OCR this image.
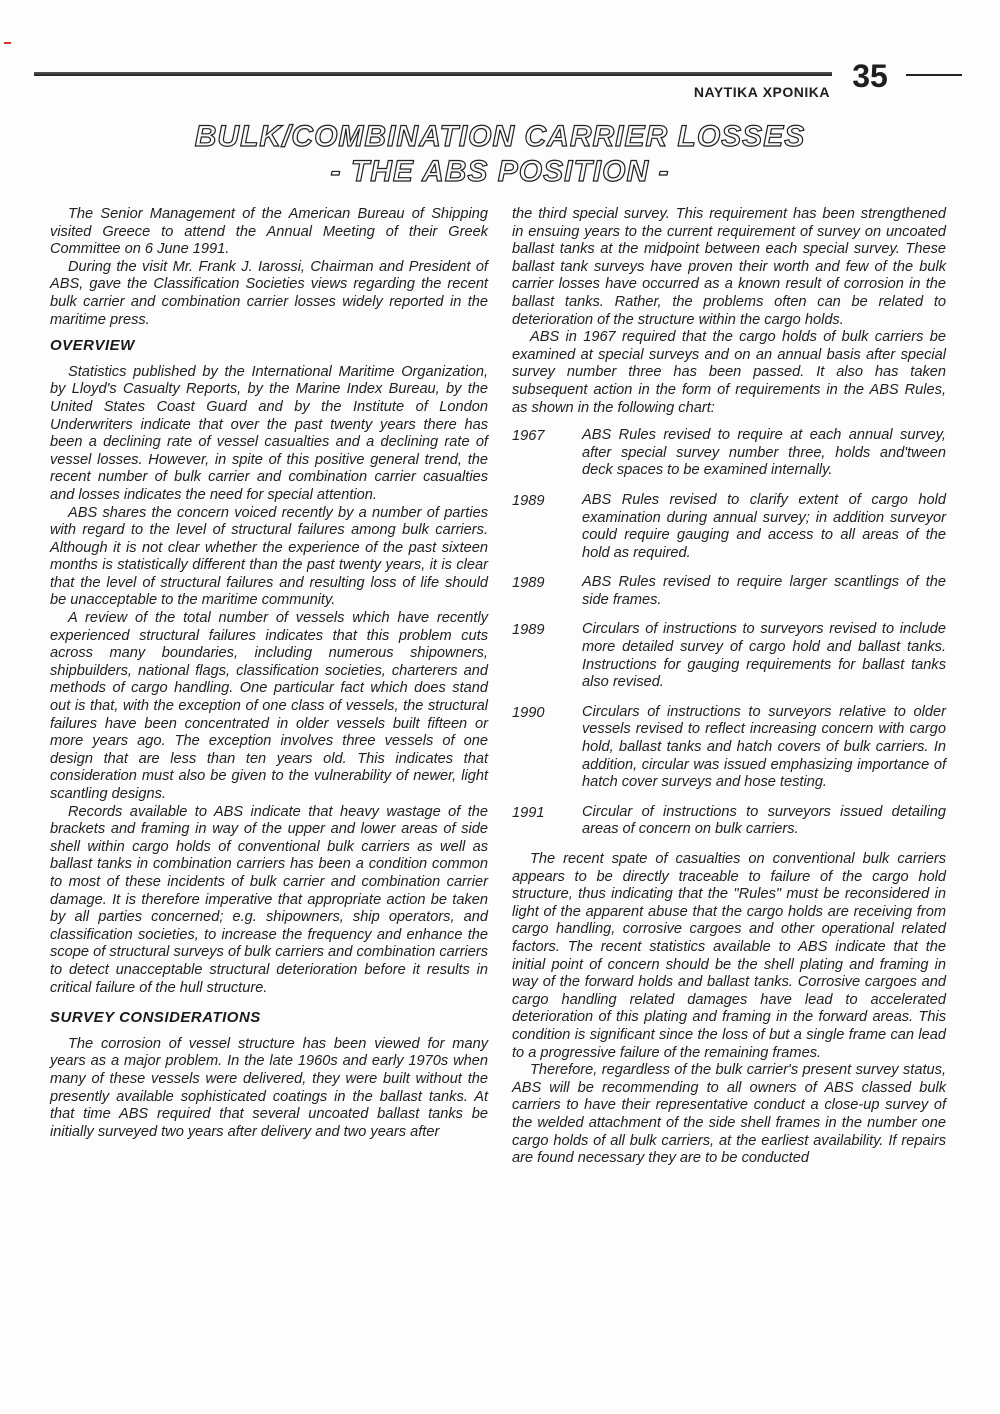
ΝΑΥΤΙΚΑ ΧΡΟΝΙΚΑ 35
BULK/COMBINATION CARRIER LOSSES
- THE ABS POSITION -

The Senior Management of the American Bureau of Shipping visited Greece to attend the Annual Meeting of their Greek Committee on 6 June 1991.

During the visit Mr. Frank J. Iarossi, Chairman and President of ABS, gave the Classification Societies views regarding the recent bulk carrier and combination carrier losses widely reported in the maritime press.

OVERVIEW

Statistics published by the International Maritime Organization, by Lloyd's Casualty Reports, by the Marine Index Bureau, by the United States Coast Guard and by the Institute of London Underwriters indicate that over the past twenty years there has been a declining rate of vessel casualties and a declining rate of vessel losses. However, in spite of this positive general trend, the recent number of bulk carrier and combination carrier casualties and losses indicates the need for special attention.

ABS shares the concern voiced recently by a number of parties with regard to the level of structural failures among bulk carriers. Although it is not clear whether the experience of the past sixteen months is statistically different than the past twenty years, it is clear that the level of structural failures and resulting loss of life should be unacceptable to the maritime community.

A review of the total number of vessels which have recently experienced structural failures indicates that this problem cuts across many boundaries, including numerous shipowners, shipbuilders, national flags, classification societies, charterers and methods of cargo handling. One particular fact which does stand out is that, with the exception of one class of vessels, the structural failures have been concentrated in older vessels built fifteen or more years ago. The exception involves three vessels of one design that are less than ten years old. This indicates that consideration must also be given to the vulnerability of newer, light scantling designs.

Records available to ABS indicate that heavy wastage of the brackets and framing in way of the upper and lower areas of side shell within cargo holds of conventional bulk carriers as well as ballast tanks in combination carriers has been a condition common to most of these incidents of bulk carrier and combination carrier damage. It is therefore imperative that appropriate action be taken by all parties concerned; e.g. shipowners, ship operators, and classification societies, to increase the frequency and enhance the scope of structural surveys of bulk carriers and combination carriers to detect unacceptable structural deterioration before it results in critical failure of the hull structure.

SURVEY CONSIDERATIONS

The corrosion of vessel structure has been viewed for many years as a major problem. In the late 1960s and early 1970s when many of these vessels were delivered, they were built without the presently available sophisticated coatings in the ballast tanks. At that time ABS required that several uncoated ballast tanks be initially surveyed two years after delivery and two years after

the third special survey. This requirement has been strengthened in ensuing years to the current requirement of survey on uncoated ballast tanks at the midpoint between each special survey. These ballast tank surveys have proven their worth and few of the bulk carrier losses have occurred as a known result of corrosion in the ballast tanks. Rather, the problems often can be related to deterioration of the structure within the cargo holds.

ABS in 1967 required that the cargo holds of bulk carriers be examined at special surveys and on an annual basis after special survey number three has been passed. It also has taken subsequent action in the form of requirements in the ABS Rules, as shown in the following chart:

1967	ABS Rules revised to require at each annual survey, after special survey number three, holds and'tween deck spaces to be examined internally.
1989	ABS Rules revised to clarify extent of cargo hold examination during annual survey; in addition surveyor could require gauging and access to all areas of the hold as required.
1989	ABS Rules revised to require larger scantlings of the side frames.
1989	Circulars of instructions to surveyors revised to include more detailed survey of cargo hold and ballast tanks. Instructions for gauging requirements for ballast tanks also revised.
1990	Circulars of instructions to surveyors relative to older vessels revised to reflect increasing concern with cargo hold, ballast tanks and hatch covers of bulk carriers. In addition, circular was issued emphasizing importance of hatch cover surveys and hose testing.
1991	Circular of instructions to surveyors issued detailing areas of concern on bulk carriers.

The recent spate of casualties on conventional bulk carriers appears to be directly traceable to failure of the cargo hold structure, thus indicating that the "Rules" must be reconsidered in light of the apparent abuse that the cargo holds are receiving from cargo handling, corrosive cargoes and other operational related factors. The recent statistics available to ABS indicate that the initial point of concern should be the shell plating and framing in way of the forward holds and ballast tanks. Corrosive cargoes and cargo handling related damages have lead to accelerated deterioration of this plating and framing in the forward areas. This condition is significant since the loss of but a single frame can lead to a progressive failure of the remaining frames.

Therefore, regardless of the bulk carrier's present survey status, ABS will be recommending to all owners of ABS classed bulk carriers to have their representative conduct a close-up survey of the welded attachment of the side shell frames in the number one cargo holds of all bulk carriers, at the earliest availability. If repairs are found necessary they are to be conducted
